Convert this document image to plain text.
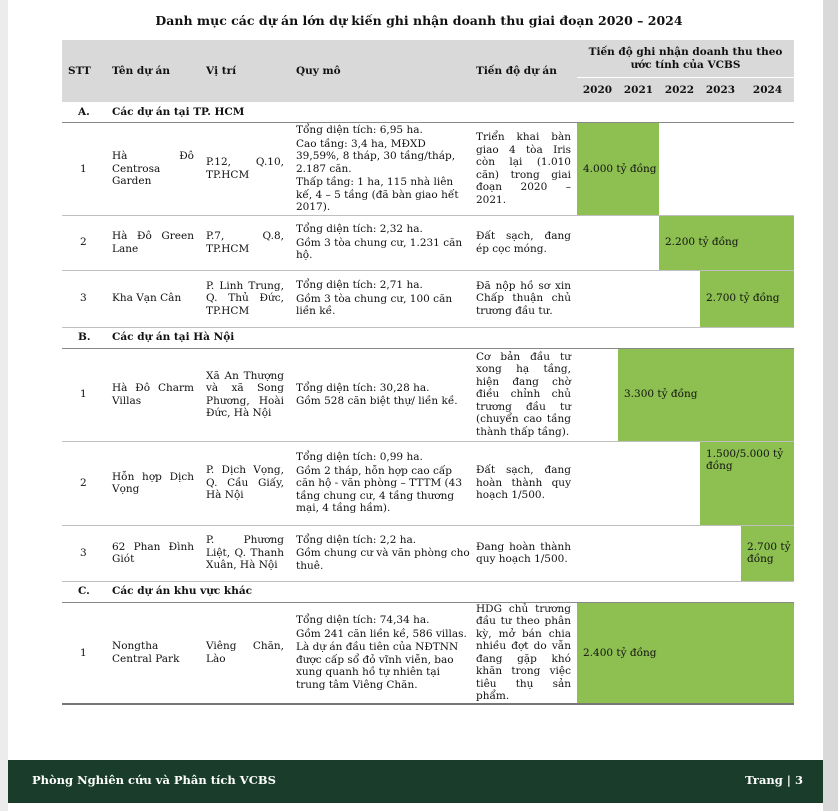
Danh mục các dự án lớn dự kiến ghi nhận doanh thu giai đoạn 2020 – 2024
STT	Tên dự án	Vị trí	Quy mô	Tiến độ dự án	Tiến độ ghi nhận doanh thu theo ước tính của VCBS				
					2020	2021	2022	2023	2024
A.	Các dự án tại TP. HCM								
1	Hà Đô Centrosa Garden	P.12, Q.10, TP.HCM	Tổng diện tích: 6,95 ha.
Cao tầng: 3,4 ha, MĐXD 39,59%, 8 tháp, 30 tầng/tháp, 2.187 căn.
Thấp tầng: 1 ha, 115 nhà liên kế, 4 – 5 tầng (đã bàn giao hết 2017).	Triển khai bàn giao 4 tòa Iris còn lại (1.010 căn) trong giai đoạn 2020 – 2021.	4.000 tỷ đồng				
2	Hà Đô Green Lane	P.7, Q.8, TP.HCM	Tổng diện tích: 2,32 ha.
Gồm 3 tòa chung cư, 1.231 căn hộ.	Đất sạch, đang ép cọc móng.			2.200 tỷ đồng		
3	Kha Vạn Cân	P. Linh Trung, Q. Thủ Đức, TP.HCM	Tổng diện tích: 2,71 ha.
Gồm 3 tòa chung cư, 100 căn liền kề.	Đã nộp hồ sơ xin Chấp thuận chủ trương đầu tư.				2.700 tỷ đồng	
B.	Các dự án tại Hà Nội								
1	Hà Đô Charm Villas	Xã An Thượng và xã Song Phương, Hoài Đức, Hà Nội	Tổng diện tích: 30,28 ha.
Gồm 528 căn biệt thự/ liền kề.	Cơ bản đầu tư xong hạ tầng, hiện đang chờ điều chỉnh chủ trương đầu tư (chuyển cao tầng thành thấp tầng).		3.300 tỷ đồng			
2	Hỗn hợp Dịch Vọng	P. Dịch Vọng, Q. Cầu Giấy, Hà Nội	Tổng diện tích: 0,99 ha.
Gồm 2 tháp, hỗn hợp cao cấp căn hộ - văn phòng – TTTM (43 tầng chung cư, 4 tầng thương mại, 4 tầng hầm).	Đất sạch, đang hoàn thành quy hoạch 1/500.				1.500/5.000 tỷ đồng	
3	62 Phan Đình Giót	P. Phương Liệt, Q. Thanh Xuân, Hà Nội	Tổng diện tích: 2,2 ha.
Gồm chung cư và văn phòng cho thuê.	Đang hoàn thành quy hoạch 1/500.					2.700 tỷ đồng
C.	Các dự án khu vực khác								
1	Nongtha Central Park	Viêng Chăn, Lào	Tổng diện tích: 74,34 ha.
Gồm 241 căn liền kề, 586 villas.
Là dự án đầu tiên của NĐTNN được cấp sổ đỏ vĩnh viễn, bao xung quanh hồ tự nhiên tại trung tâm Viêng Chăn.	HDG chủ trương đầu tư theo phân kỳ, mở bán chia nhiều đợt do vẫn đang gặp khó khăn trong việc tiêu thụ sản phẩm.	2.400 tỷ đồng				
Phòng Nghiên cứu và Phân tích VCBS	Trang | 3
